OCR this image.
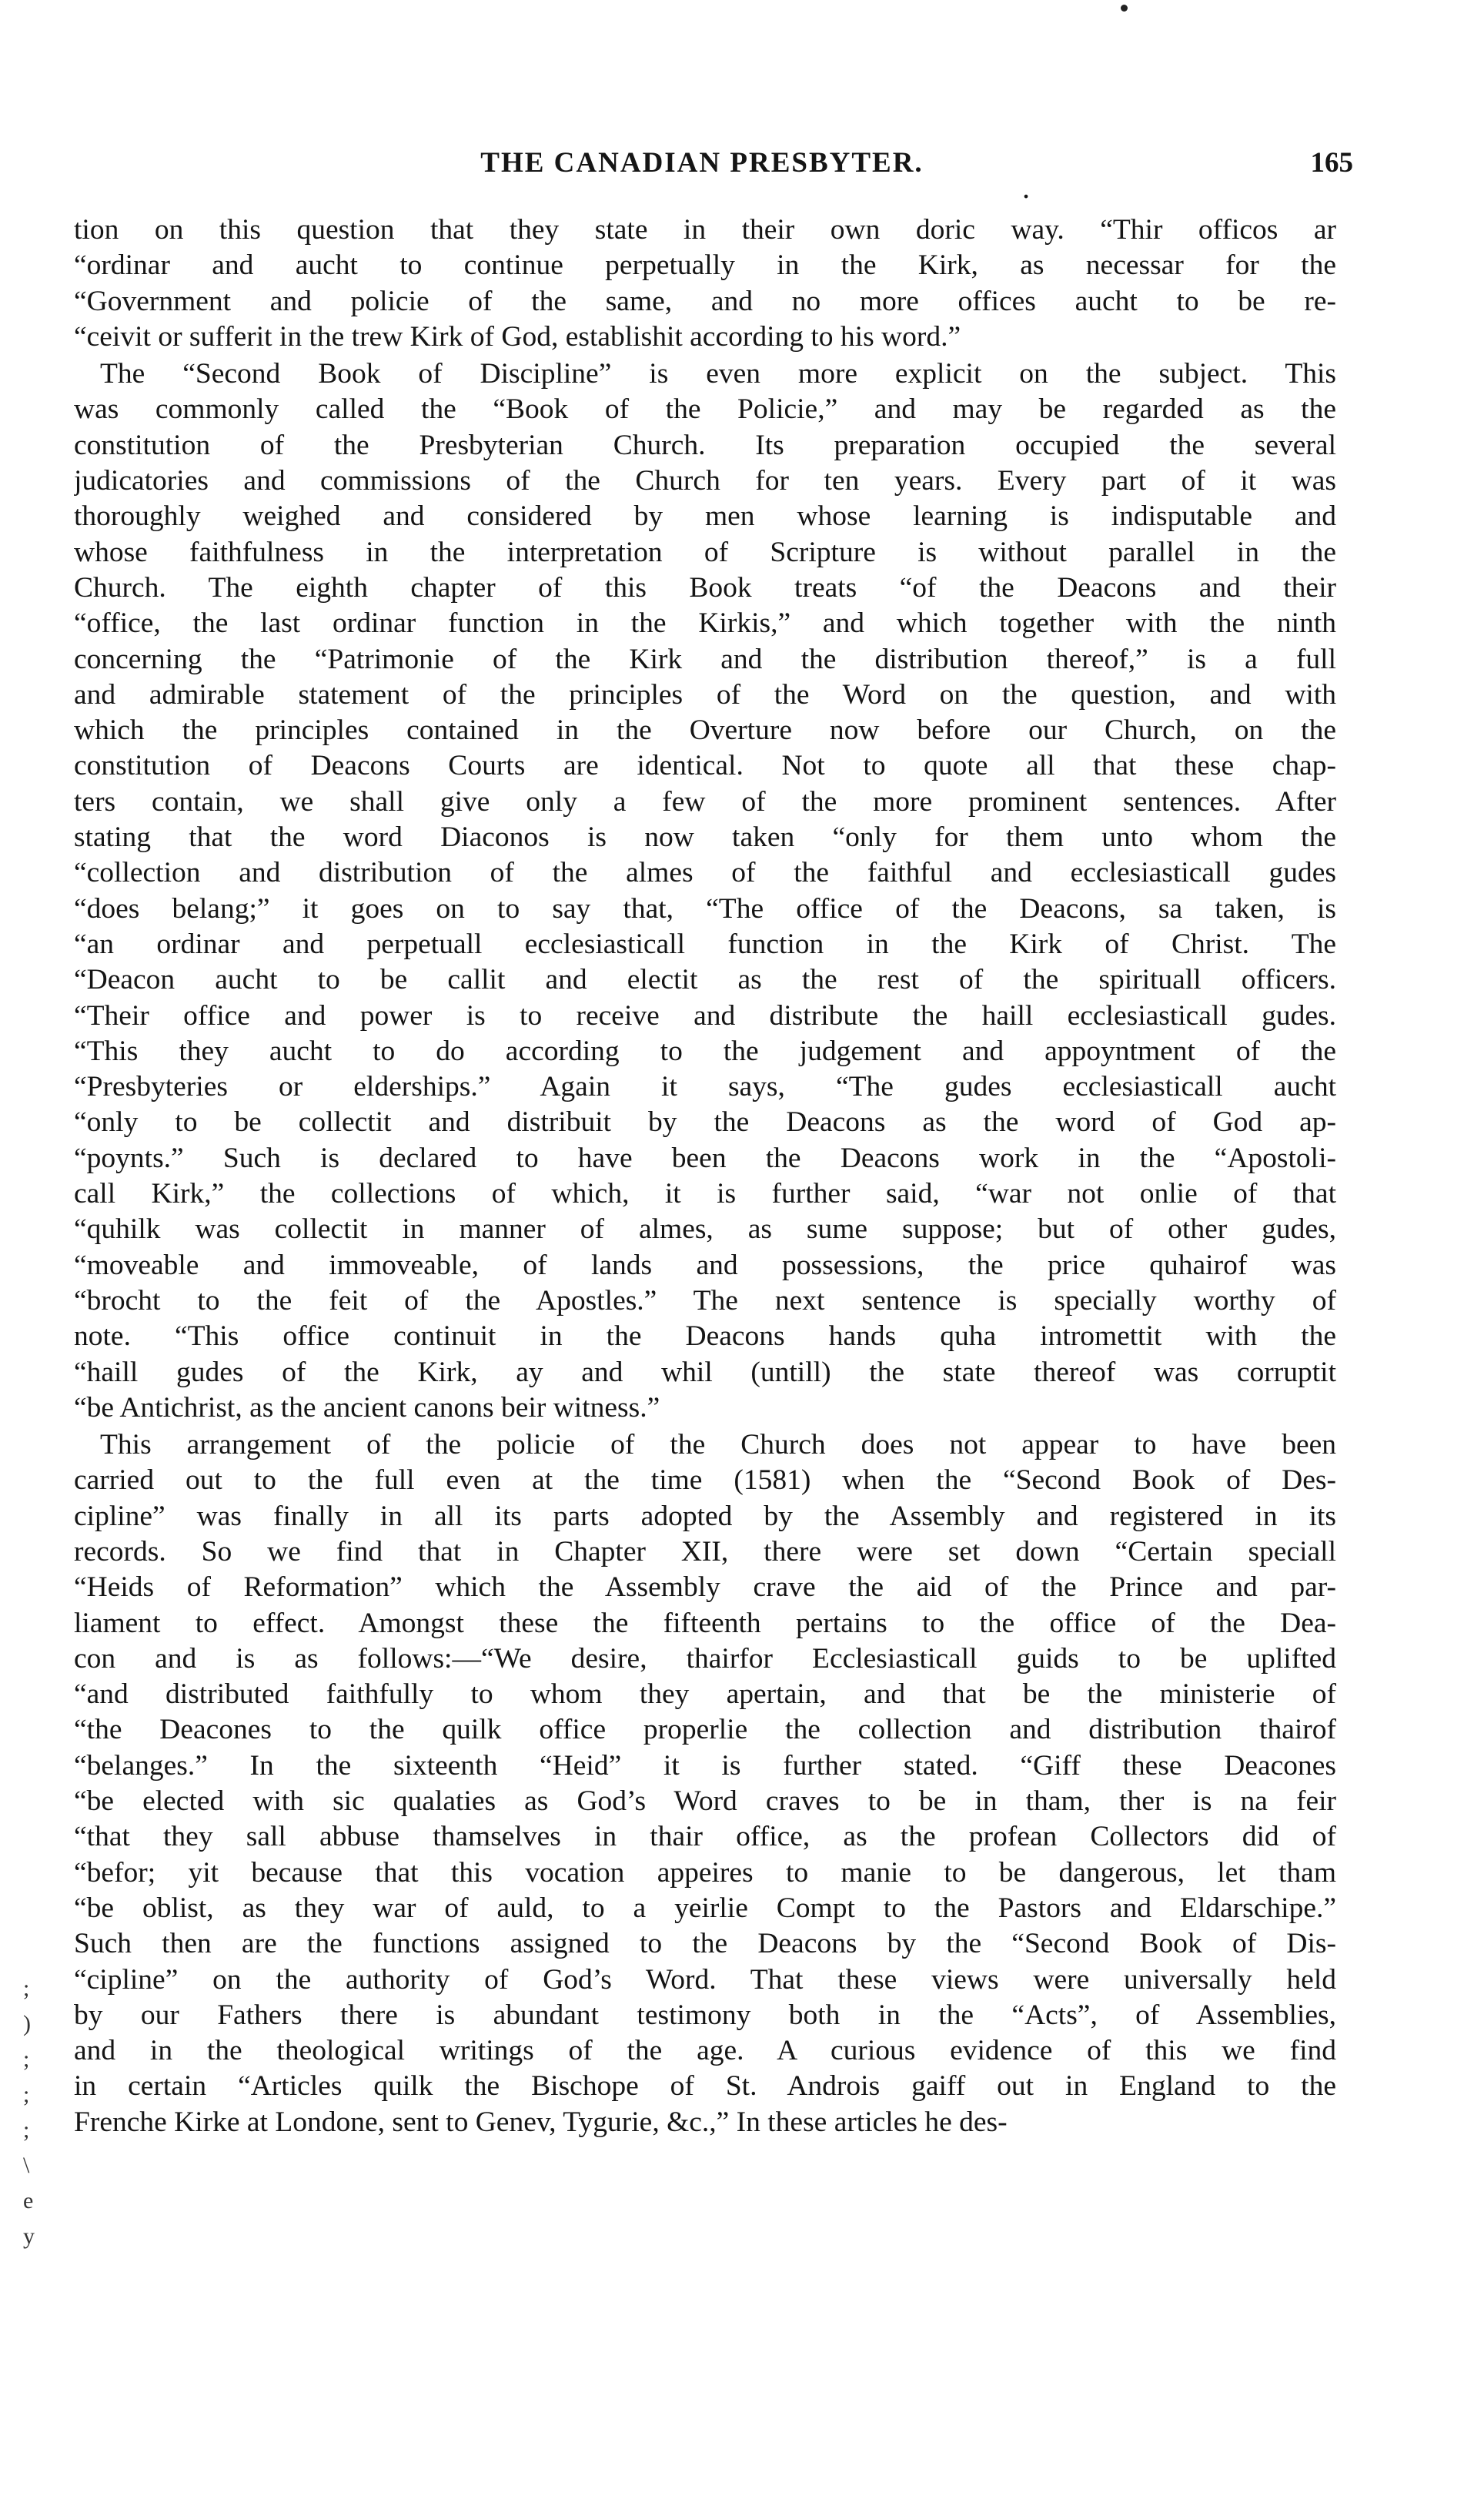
THE CANADIAN PRESBYTER.
.
165
tion on this question that they state in their own doric way. “Thir officos ar
“ordinar and aucht to continue perpetually in the Kirk, as necessar for the
“Government and policie of the same, and no more offices aucht to be re-
“ceivit or sufferit in the trew Kirk of God, establishit according to his word.”
The “Second Book of Discipline” is even more explicit on the subject. This
was commonly called the “Book of the Policie,” and may be regarded as the
constitution of the Presbyterian Church. Its preparation occupied the several
judicatories and commissions of the Church for ten years. Every part of it was
thoroughly weighed and considered by men whose learning is indisputable and
whose faithfulness in the interpretation of Scripture is without parallel in the
Church. The eighth chapter of this Book treats “of the Deacons and their
“office, the last ordinar function in the Kirkis,” and which together with the ninth
concerning the “Patrimonie of the Kirk and the distribution thereof,” is a full
and admirable statement of the principles of the Word on the question, and with
which the principles contained in the Overture now before our Church, on the
constitution of Deacons Courts are identical. Not to quote all that these chap-
ters contain, we shall give only a few of the more prominent sentences. After
stating that the word Diaconos is now taken “only for them unto whom the
“collection and distribution of the almes of the faithful and ecclesiasticall gudes
“does belang;” it goes on to say that, “The office of the Deacons, sa taken, is
“an ordinar and perpetuall ecclesiasticall function in the Kirk of Christ. The
“Deacon aucht to be callit and electit as the rest of the spirituall officers.
“Their office and power is to receive and distribute the haill ecclesiasticall gudes.
“This they aucht to do according to the judgement and appoyntment of the
“Presbyteries or elderships.” Again it says, “The gudes ecclesiasticall aucht
“only to be collectit and distribuit by the Deacons as the word of God ap-
“poynts.” Such is declared to have been the Deacons work in the “Apostoli-
call Kirk,” the collections of which, it is further said, “war not onlie of that
“quhilk was collectit in manner of almes, as sume suppose; but of other gudes,
“moveable and immoveable, of lands and possessions, the price quhairof was
“brocht to the feit of the Apostles.” The next sentence is specially worthy of
note. “This office continuit in the Deacons hands quha intromettit with the
“haill gudes of the Kirk, ay and whil (untill) the state thereof was corruptit
“be Antichrist, as the ancient canons beir witness.”
This arrangement of the policie of the Church does not appear to have been
carried out to the full even at the time (1581) when the “Second Book of Des-
cipline” was finally in all its parts adopted by the Assembly and registered in its
records. So we find that in Chapter XII, there were set down “Certain speciall
“Heids of Reformation” which the Assembly crave the aid of the Prince and par-
liament to effect. Amongst these the fifteenth pertains to the office of the Dea-
con and is as follows:—“We desire, thairfor Ecclesiasticall guids to be uplifted
“and distributed faithfully to whom they apertain, and that be the ministerie of
“the Deacones to the quilk office properlie the collection and distribution thairof
“belanges.” In the sixteenth “Heid” it is further stated. “Giff these Deacones
“be elected with sic qualaties as God’s Word craves to be in tham, ther is na feir
“that they sall abbuse thamselves in thair office, as the profean Collectors did of
“befor; yit because that this vocation appeires to manie to be dangerous, let tham
“be oblist, as they war of auld, to a yeirlie Compt to the Pastors and Eldarschipe.”
Such then are the functions assigned to the Deacons by the “Second Book of Dis-
“cipline” on the authority of God’s Word. That these views were universally held
by our Fathers there is abundant testimony both in the “Acts”, of Assemblies,
and in the theological writings of the age. A curious evidence of this we find
in certain “Articles quilk the Bischope of St. Androis gaiff out in England to the
Frenche Kirke at Londone, sent to Genev, Tygurie, &c.,” In these articles he des-
;
)
;
;
;
\
e
y
